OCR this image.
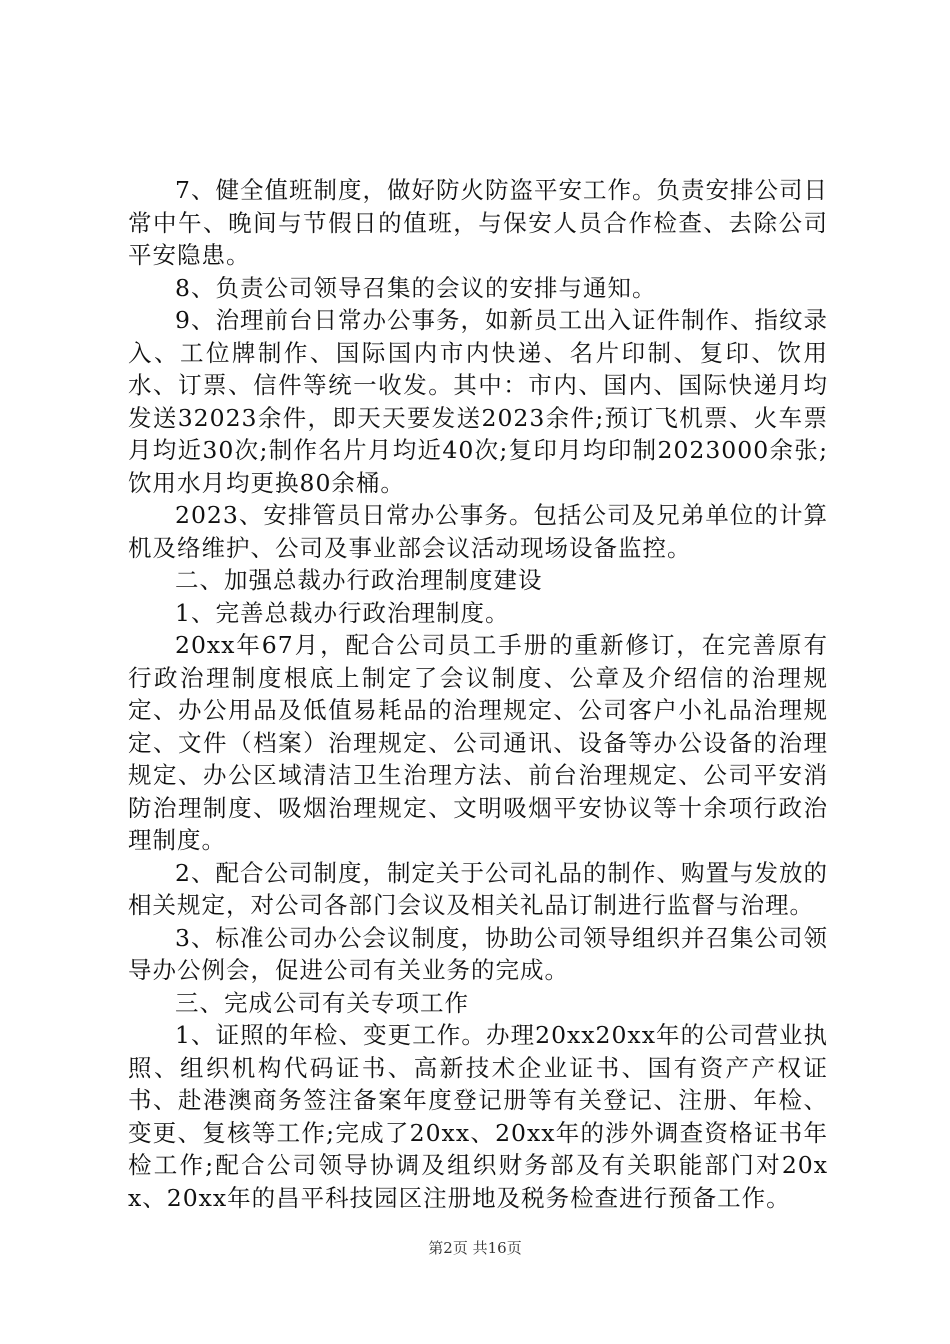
7、健全值班制度，做好防火防盗平安工作。负责安排公司日常中午、晚间与节假日的值班，与保安人员合作检查、去除公司平安隐患。

8、负责公司领导召集的会议的安排与通知。

9、治理前台日常办公事务，如新员工出入证件制作、指纹录入、工位牌制作、国际国内市内快递、名片印制、复印、饮用水、订票、信件等统一收发。其中：市内、国内、国际快递月均发送32023余件，即天天要发送2023余件;预订飞机票、火车票月均近30次;制作名片月均近40次;复印月均印制2023000余张;饮用水月均更换80余桶。

2023、安排管员日常办公事务。包括公司及兄弟单位的计算机及络维护、公司及事业部会议活动现场设备监控。

二、加强总裁办行政治理制度建设

1、完善总裁办行政治理制度。

20xx年67月，配合公司员工手册的重新修订，在完善原有行政治理制度根底上制定了会议制度、公章及介绍信的治理规定、办公用品及低值易耗品的治理规定、公司客户小礼品治理规定、文件（档案）治理规定、公司通讯、设备等办公设备的治理规定、办公区域清洁卫生治理方法、前台治理规定、公司平安消防治理制度、吸烟治理规定、文明吸烟平安协议等十余项行政治理制度。

2、配合公司制度，制定关于公司礼品的制作、购置与发放的相关规定，对公司各部门会议及相关礼品订制进行监督与治理。

3、标准公司办公会议制度，协助公司领导组织并召集公司领导办公例会，促进公司有关业务的完成。

三、完成公司有关专项工作

1、证照的年检、变更工作。办理20xx20xx年的公司营业执照、组织机构代码证书、高新技术企业证书、国有资产产权证书、赴港澳商务签注备案年度登记册等有关登记、注册、年检、变更、复核等工作;完成了20xx、20xx年的涉外调查资格证书年检工作;配合公司领导协调及组织财务部及有关职能部门对20xx、20xx年的昌平科技园区注册地及税务检查进行预备工作。

第2页 共16页
